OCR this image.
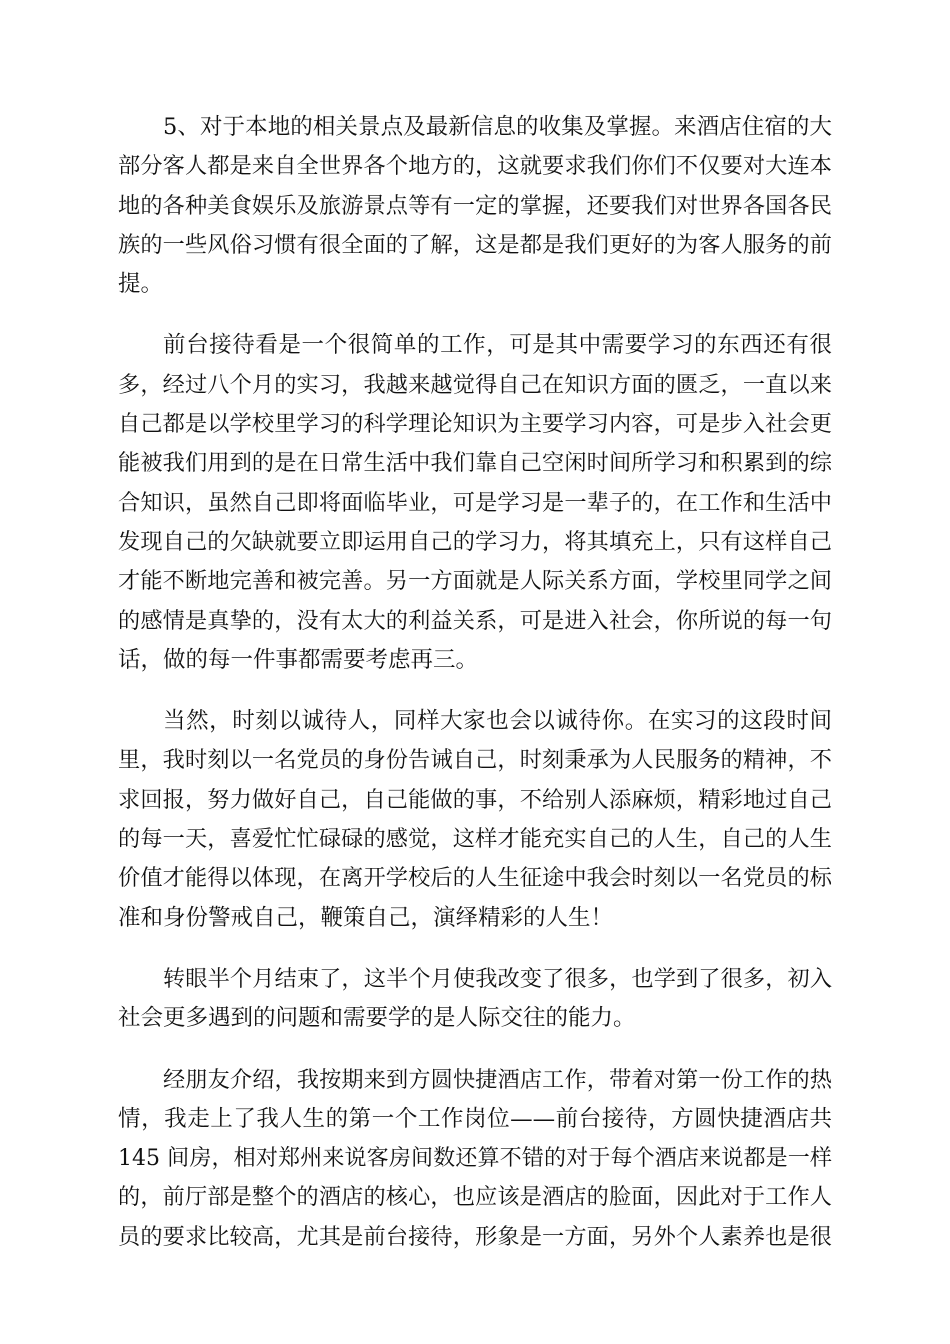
5、对于本地的相关景点及最新信息的收集及掌握。来酒店住宿的大
部分客人都是来自全世界各个地方的，这就要求我们你们不仅要对大连本
地的各种美食娱乐及旅游景点等有一定的掌握，还要我们对世界各国各民
族的一些风俗习惯有很全面的了解，这是都是我们更好的为客人服务的前
提。
前台接待看是一个很简单的工作，可是其中需要学习的东西还有很
多，经过八个月的实习，我越来越觉得自己在知识方面的匮乏，一直以来
自己都是以学校里学习的科学理论知识为主要学习内容，可是步入社会更
能被我们用到的是在日常生活中我们靠自己空闲时间所学习和积累到的综
合知识，虽然自己即将面临毕业，可是学习是一辈子的，在工作和生活中
发现自己的欠缺就要立即运用自己的学习力，将其填充上，只有这样自己
才能不断地完善和被完善。另一方面就是人际关系方面，学校里同学之间
的感情是真挚的，没有太大的利益关系，可是进入社会，你所说的每一句
话，做的每一件事都需要考虑再三。
当然，时刻以诚待人，同样大家也会以诚待你。在实习的这段时间
里，我时刻以一名党员的身份告诫自己，时刻秉承为人民服务的精神，不
求回报，努力做好自己，自己能做的事，不给别人添麻烦，精彩地过自己
的每一天，喜爱忙忙碌碌的感觉，这样才能充实自己的人生，自己的人生
价值才能得以体现，在离开学校后的人生征途中我会时刻以一名党员的标
准和身份警戒自己，鞭策自己，演绎精彩的人生！
转眼半个月结束了，这半个月使我改变了很多，也学到了很多，初入
社会更多遇到的问题和需要学的是人际交往的能力。
经朋友介绍，我按期来到方圆快捷酒店工作，带着对第一份工作的热
情，我走上了我人生的第一个工作岗位——前台接待，方圆快捷酒店共
145 间房，相对郑州来说客房间数还算不错的对于每个酒店来说都是一样
的，前厅部是整个的酒店的核心，也应该是酒店的脸面，因此对于工作人
员的要求比较高，尤其是前台接待，形象是一方面，另外个人素养也是很
